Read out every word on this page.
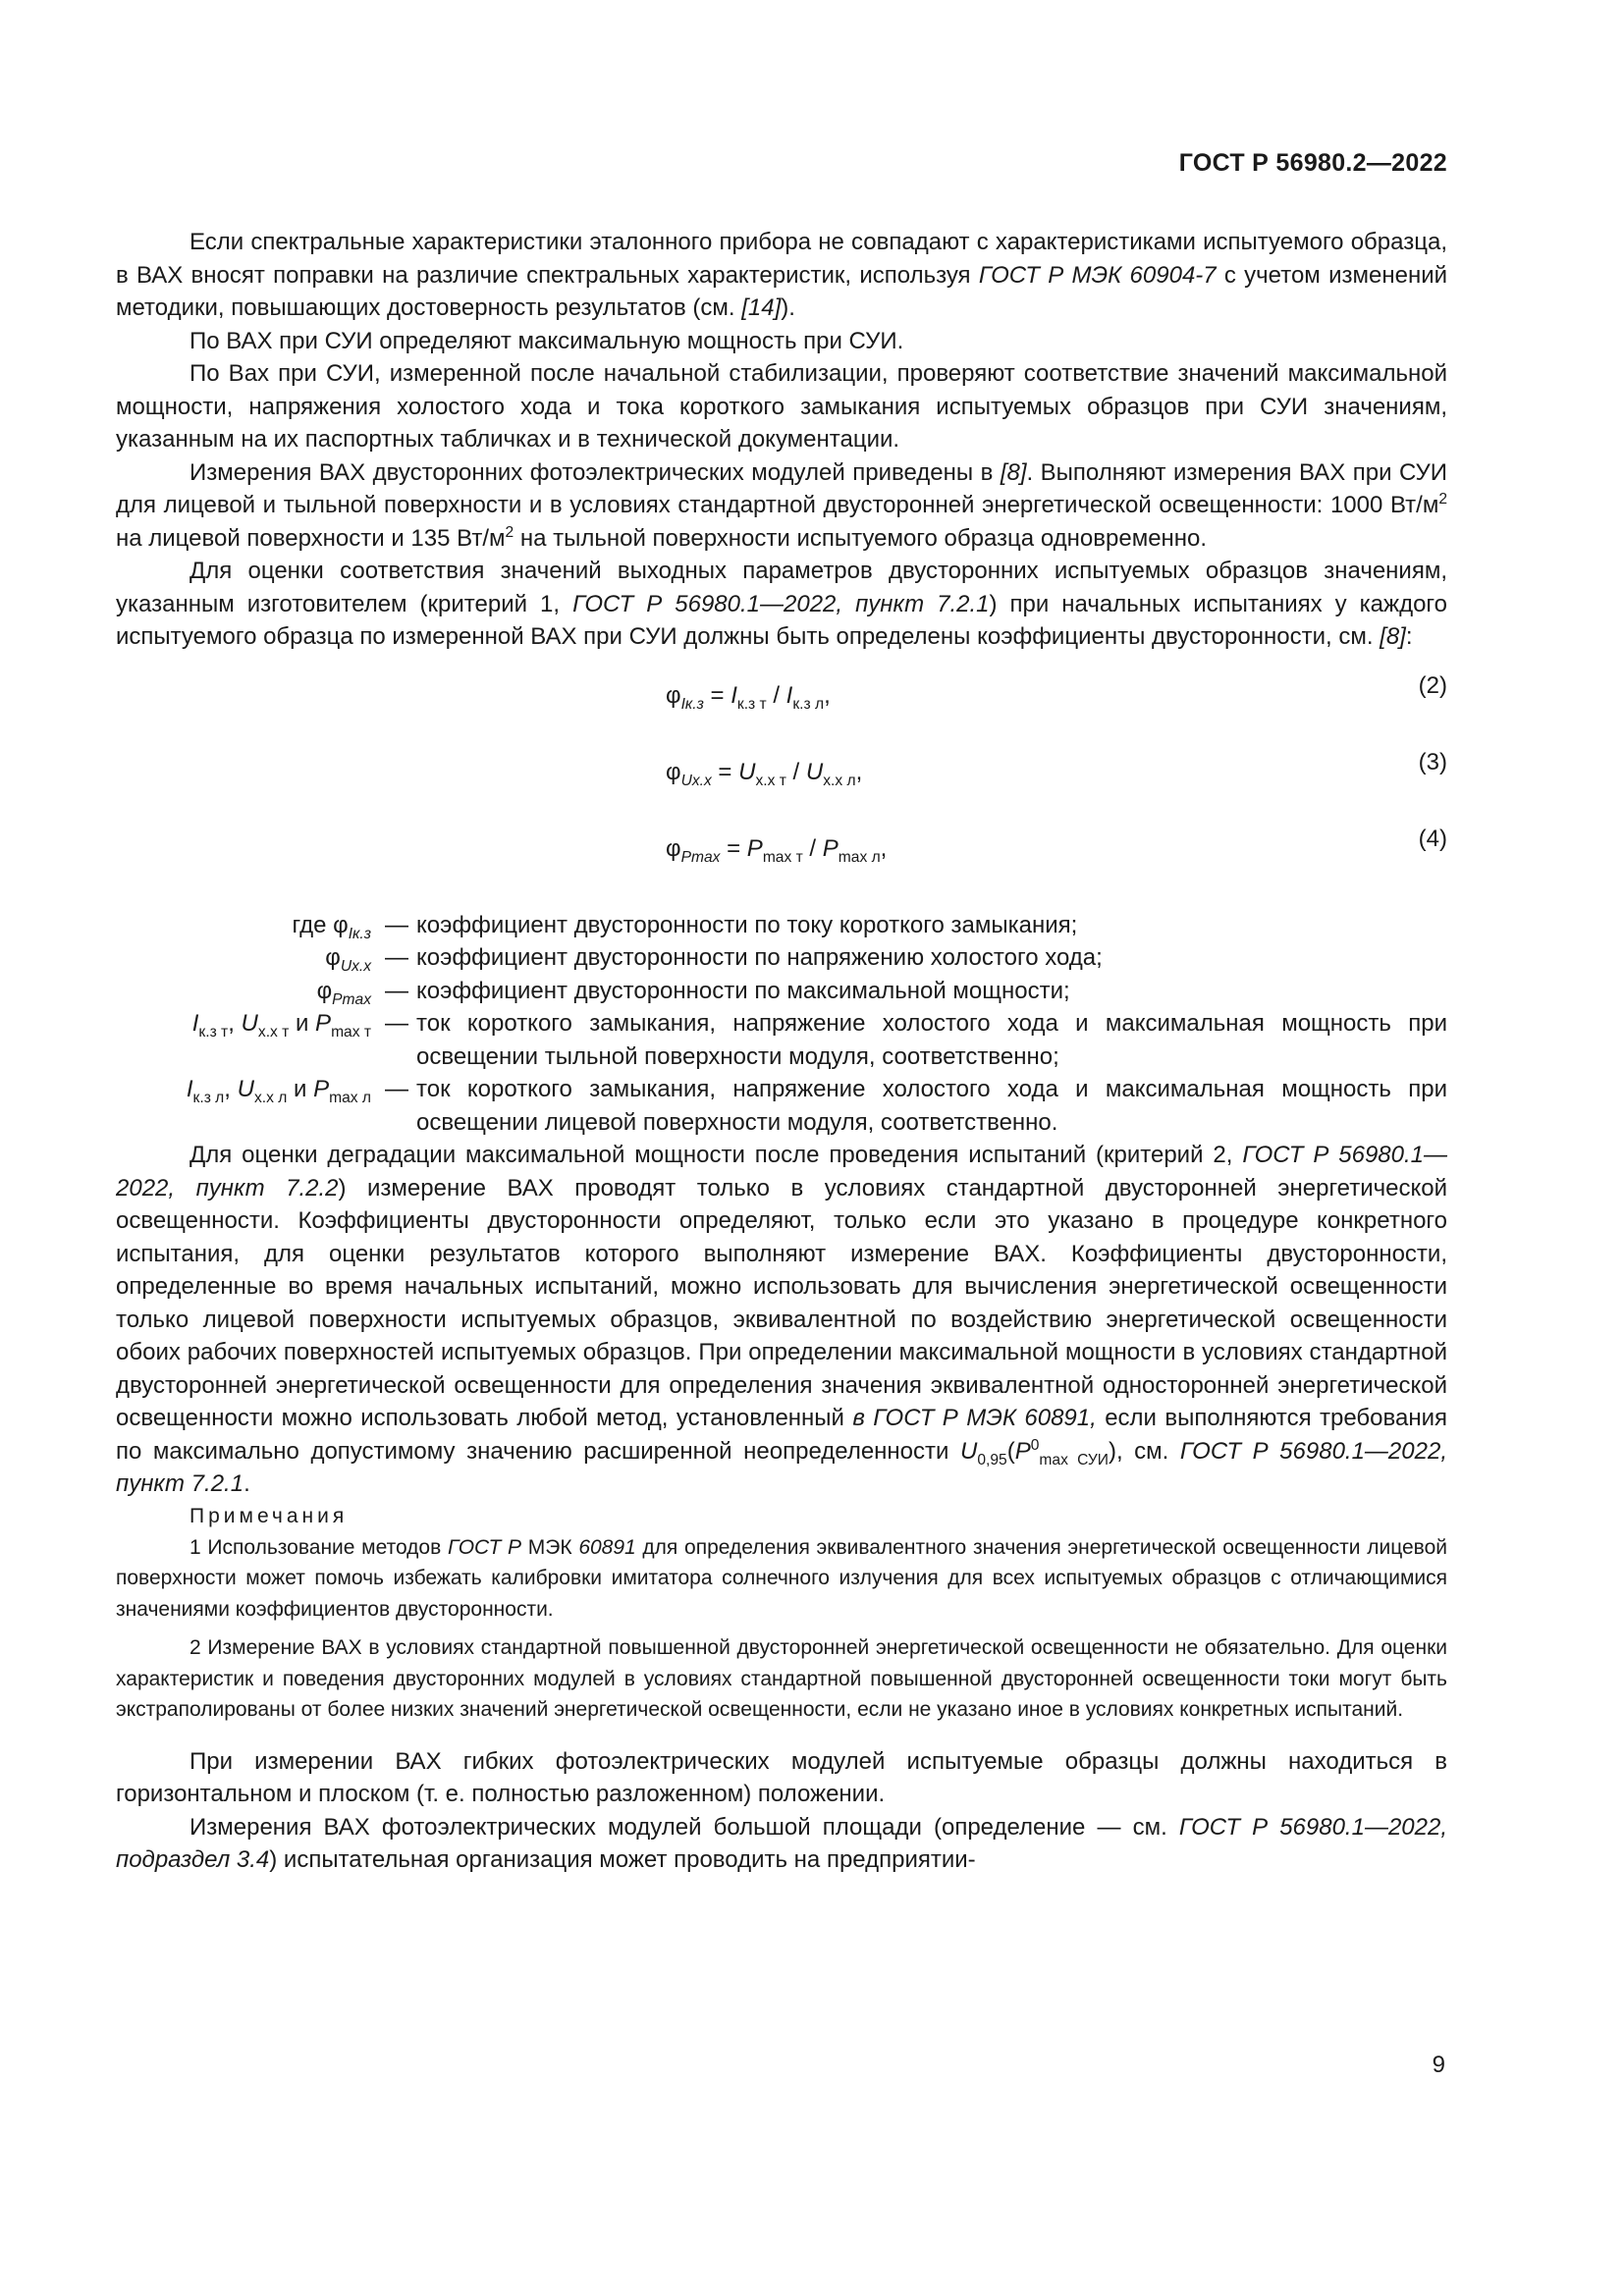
ГОСТ Р 56980.2—2022

Если спектральные характеристики эталонного прибора не совпадают с характеристиками испытуемого образца, в ВАХ вносят поправки на различие спектральных характеристик, используя ГОСТ Р МЭК 60904-7 с учетом изменений методики, повышающих достоверность результатов (см. [14]).

По ВАХ при СУИ определяют максимальную мощность при СУИ.

По Вах при СУИ, измеренной после начальной стабилизации, проверяют соответствие значений максимальной мощности, напряжения холостого хода и тока короткого замыкания испытуемых образцов при СУИ значениям, указанным на их паспортных табличках и в технической документации.

Измерения ВАХ двусторонних фотоэлектрических модулей приведены в [8]. Выполняют измерения ВАХ при СУИ для лицевой и тыльной поверхности и в условиях стандартной двусторонней энергетической освещенности: 1000 $Вт/м^2$ на лицевой поверхности и 135 $Вт/м^2$ на тыльной поверхности испытуемого образца одновременно.

Для оценки соответствия значений выходных параметров двусторонних испытуемых образцов значениям, указанным изготовителем (критерий 1, ГОСТ Р 56980.1—2022, пункт 7.2.1) при начальных испытаниях у каждого испытуемого образца по измеренной ВАХ при СУИ должны быть определены коэффициенты двусторонности, см. [8]:

$\varphi_{Iк.з} = I_{к.з т} / I_{к.з л}$,	(2)
$\varphi_{Uх.х} = U_{х.х т} / U_{х.х л}$,	(3)
$\varphi_{Pmax} = P_{max т} / P_{max л}$,	(4)
где $\varphi_{Iк.з}$ — коэффициент двусторонности по току короткого замыкания;
$\varphi_{Uх.х}$ — коэффициент двусторонности по напряжению холостого хода;
$\varphi_{Pmax}$ — коэффициент двусторонности по максимальной мощности;
$I_{к.з т}$, $U_{х.х т}$ и $P_{max т}$ — ток короткого замыкания, напряжение холостого хода и максимальная мощность при освещении тыльной поверхности модуля, соответственно;
$I_{к.з л}$, $U_{х.х л}$ и $P_{max л}$ — ток короткого замыкания, напряжение холостого хода и максимальная мощность при освещении лицевой поверхности модуля, соответственно.

Для оценки деградации максимальной мощности после проведения испытаний (критерий 2, ГОСТ Р 56980.1—2022, пункт 7.2.2) измерение ВАХ проводят только в условиях стандартной двусторонней энергетической освещенности. Коэффициенты двусторонности определяют, только если это указано в процедуре конкретного испытания, для оценки результатов которого выполняют измерение ВАХ. Коэффициенты двусторонности, определенные во время начальных испытаний, можно использовать для вычисления энергетической освещенности только лицевой поверхности испытуемых образцов, эквивалентной по воздействию энергетической освещенности обоих рабочих поверхностей испытуемых образцов. При определении максимальной мощности в условиях стандартной двусторонней энергетической освещенности для определения значения эквивалентной односторонней энергетической освещенности можно использовать любой метод, установленный в ГОСТ Р МЭК 60891, если выполняются требования по максимально допустимому значению расширенной неопределенности $U_{0,95}(P^0_{max СУИ})$, см. ГОСТ Р 56980.1—2022, пункт 7.2.1.

Примечания

1 Использование методов ГОСТ Р МЭК 60891 для определения эквивалентного значения энергетической освещенности лицевой поверхности может помочь избежать калибровки имитатора солнечного излучения для всех испытуемых образцов с отличающимися значениями коэффициентов двусторонности.

2 Измерение ВАХ в условиях стандартной повышенной двусторонней энергетической освещенности не обязательно. Для оценки характеристик и поведения двусторонних модулей в условиях стандартной повышенной двусторонней освещенности токи могут быть экстраполированы от более низких значений энергетической освещенности, если не указано иное в условиях конкретных испытаний.

При измерении ВАХ гибких фотоэлектрических модулей испытуемые образцы должны находиться в горизонтальном и плоском (т. е. полностью разложенном) положении.

Измерения ВАХ фотоэлектрических модулей большой площади (определение — см. ГОСТ Р 56980.1—2022, подраздел 3.4) испытательная организация может проводить на предприятии-

9
